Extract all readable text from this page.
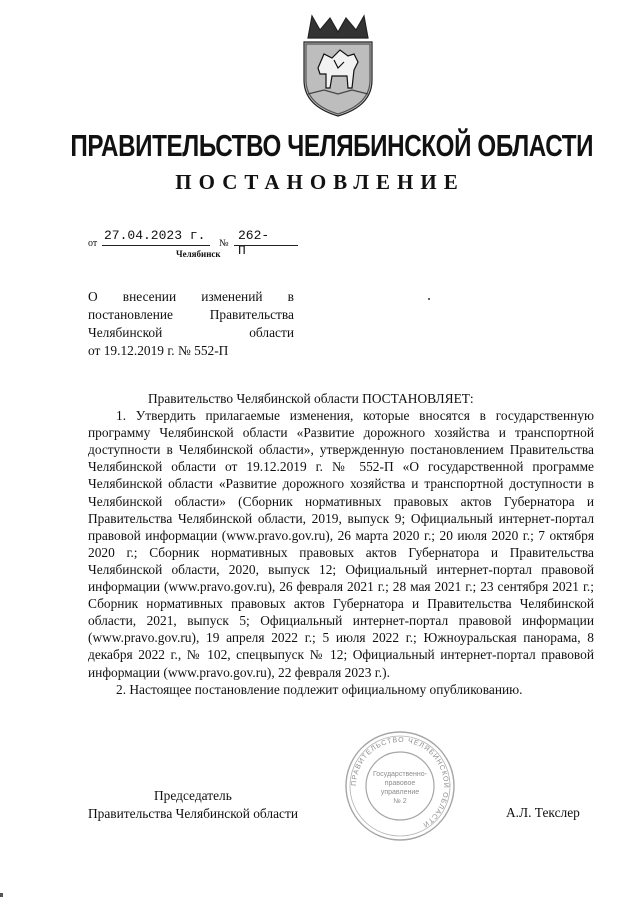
ПРАВИТЕЛЬСТВО ЧЕЛЯБИНСКОЙ ОБЛАСТИ
ПОСТАНОВЛЕНИЕ
от
27.04.2023 г.
№
262-П
Челябинск
О внесении изменений в
постановление Правительства
Челябинской области
от 19.12.2019 г. № 552-П
Правительство Челябинской области ПОСТАНОВЛЯЕТ:
1. Утвердить прилагаемые изменения, которые вносятся в государственную программу Челябинской области «Развитие дорожного хозяйства и транспортной доступности в Челябинской области», утвержденную постановлением Правительства Челябинской области от 19.12.2019 г. № 552-П «О государственной программе Челябинской области «Развитие дорожного хозяйства и транспортной доступности в Челябинской области» (Сборник нормативных правовых актов Губернатора и Правительства Челябинской области, 2019, выпуск 9; Официальный интернет-портал правовой информации (www.pravo.gov.ru), 26 марта 2020 г.; 20 июля 2020 г.; 7 октября 2020 г.; Сборник нормативных правовых актов Губернатора и Правительства Челябинской области, 2020, выпуск 12; Официальный интернет-портал правовой информации (www.pravo.gov.ru), 26 февраля 2021 г.; 28 мая 2021 г.; 23 сентября 2021 г.; Сборник нормативных правовых актов Губернатора и Правительства Челябинской области, 2021, выпуск 5; Официальный интернет-портал правовой информации (www.pravo.gov.ru), 19 апреля 2022 г.; 5 июля 2022 г.; Южноуральская панорама, 8 декабря 2022 г., № 102, спецвыпуск № 12; Официальный интернет-портал правовой информации (www.pravo.gov.ru), 22 февраля 2023 г.).
2. Настоящее постановление подлежит официальному опубликованию.
ПРАВИТЕЛЬСТВО ЧЕЛЯБИНСКОЙ ОБЛАСТИ
Государственно-
правовое
управление
№ 2
Председатель
Правительства Челябинской области	А.Л. Текслер
